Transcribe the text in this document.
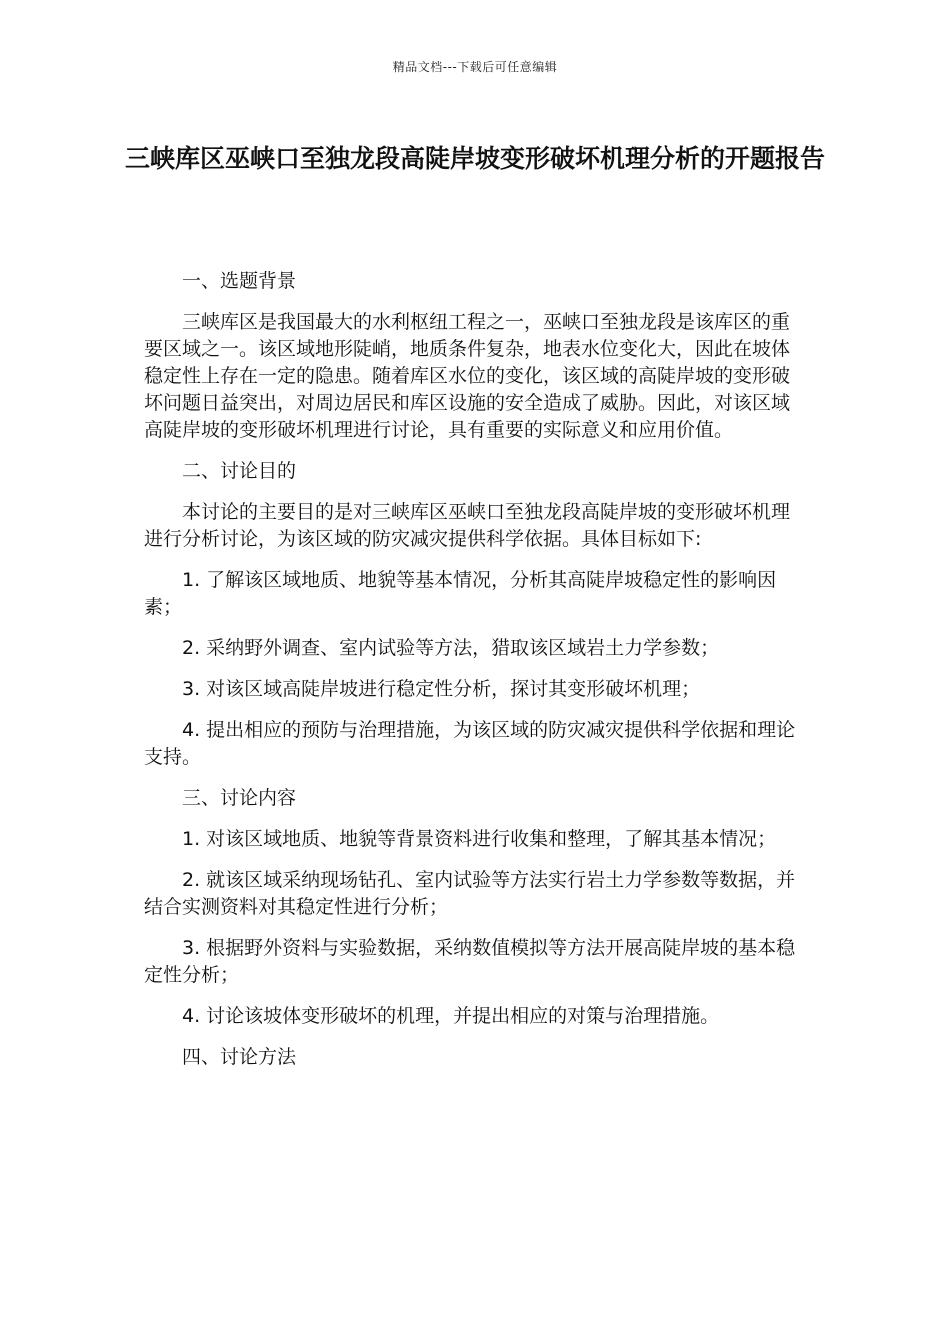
精品文档---下载后可任意编辑
三峡库区巫峡口至独龙段高陡岸坡变形破坏机理分析的开题报告

一、选题背景

三峡库区是我国最大的水利枢纽工程之一，巫峡口至独龙段是该库区的重要区域之一。该区域地形陡峭，地质条件复杂，地表水位变化大，因此在坡体稳定性上存在一定的隐患。随着库区水位的变化，该区域的高陡岸坡的变形破坏问题日益突出，对周边居民和库区设施的安全造成了威胁。因此，对该区域高陡岸坡的变形破坏机理进行讨论，具有重要的实际意义和应用价值。

二、讨论目的

本讨论的主要目的是对三峡库区巫峡口至独龙段高陡岸坡的变形破坏机理进行分析讨论，为该区域的防灾减灾提供科学依据。具体目标如下:

1. 了解该区域地质、地貌等基本情况，分析其高陡岸坡稳定性的影响因素；

2. 采纳野外调查、室内试验等方法，猎取该区域岩土力学参数；

3. 对该区域高陡岸坡进行稳定性分析，探讨其变形破坏机理；

4. 提出相应的预防与治理措施，为该区域的防灾减灾提供科学依据和理论支持。

三、讨论内容

1. 对该区域地质、地貌等背景资料进行收集和整理，了解其基本情况；

2. 就该区域采纳现场钻孔、室内试验等方法实行岩土力学参数等数据，并结合实测资料对其稳定性进行分析；

3. 根据野外资料与实验数据，采纳数值模拟等方法开展高陡岸坡的基本稳定性分析；

4. 讨论该坡体变形破坏的机理，并提出相应的对策与治理措施。

四、讨论方法
